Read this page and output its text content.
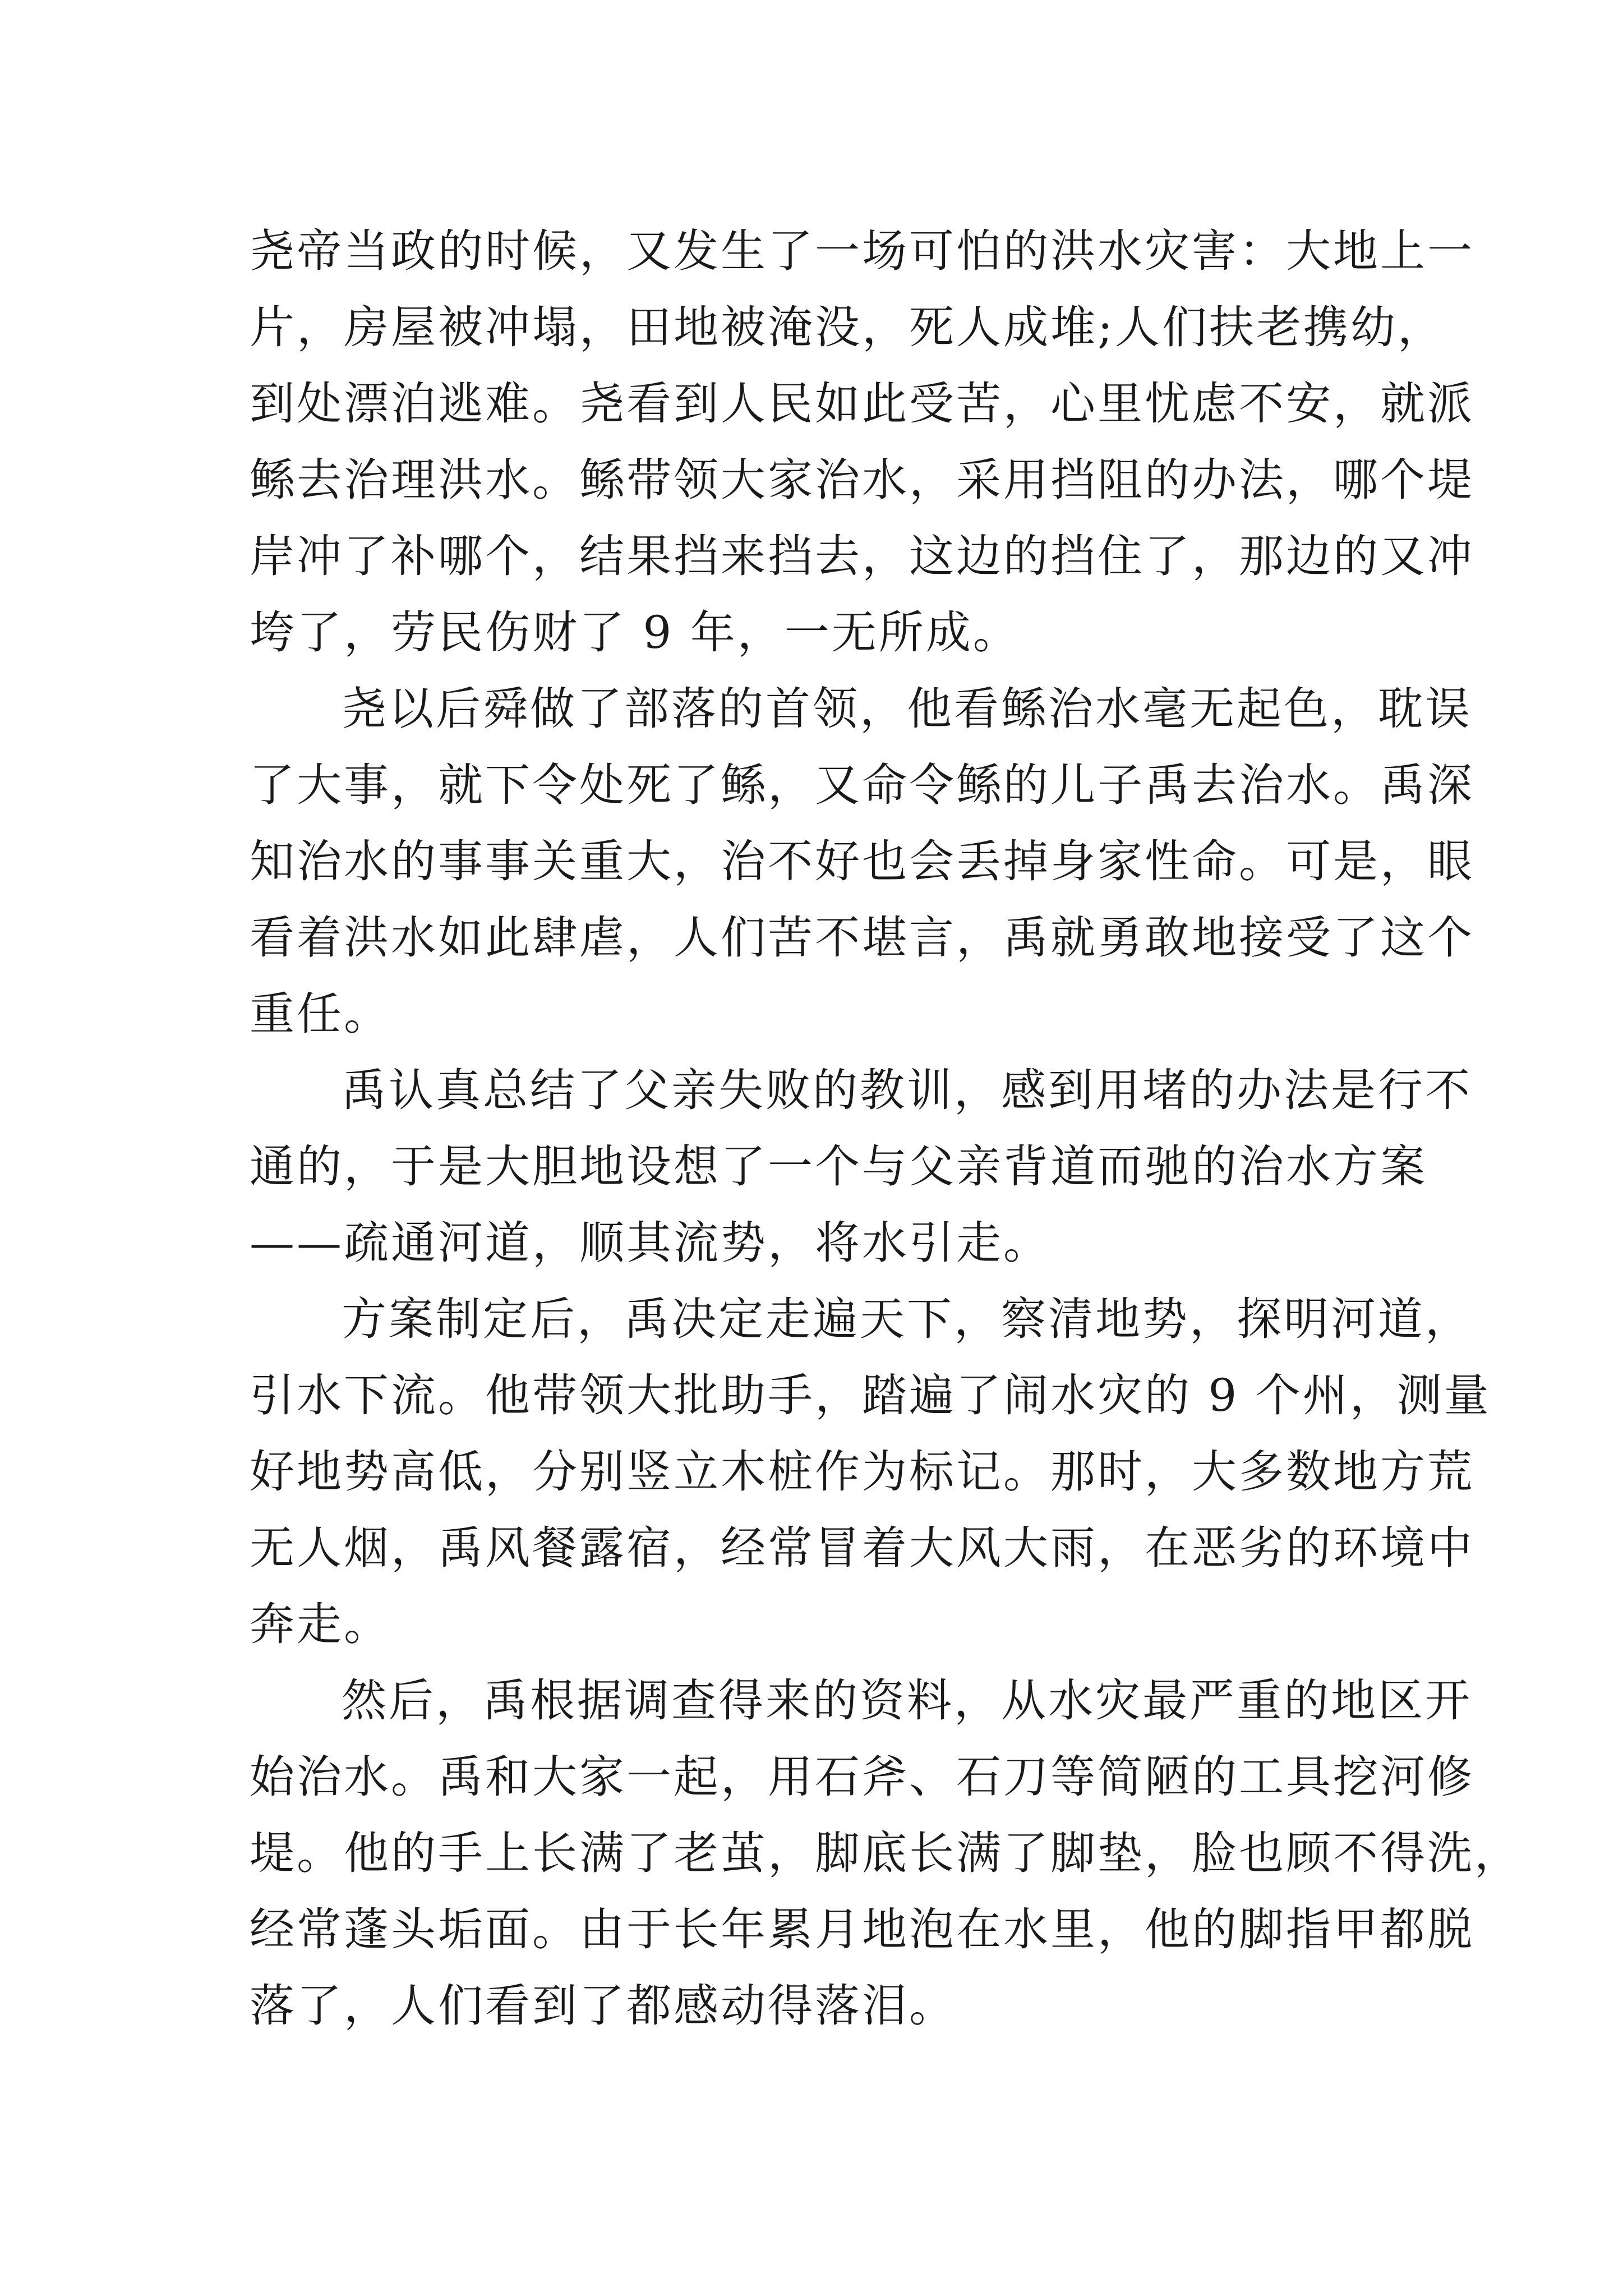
尧帝当政的时候，又发生了一场可怕的洪水灾害：大地上一
片，房屋被冲塌，田地被淹没，死人成堆;人们扶老携幼，
到处漂泊逃难。尧看到人民如此受苦，心里忧虑不安，就派
鲧去治理洪水。鲧带领大家治水，采用挡阻的办法，哪个堤
岸冲了补哪个，结果挡来挡去，这边的挡住了，那边的又冲
垮了，劳民伤财了 9 年，一无所成。
尧以后舜做了部落的首领，他看鲧治水毫无起色，耽误
了大事，就下令处死了鲧，又命令鲧的儿子禹去治水。禹深
知治水的事事关重大，治不好也会丢掉身家性命。可是，眼
看着洪水如此肆虐，人们苦不堪言，禹就勇敢地接受了这个
重任。
禹认真总结了父亲失败的教训，感到用堵的办法是行不
通的，于是大胆地设想了一个与父亲背道而驰的治水方案
——疏通河道，顺其流势，将水引走。
方案制定后，禹决定走遍天下，察清地势，探明河道，
引水下流。他带领大批助手，踏遍了闹水灾的 9 个州，测量
好地势高低，分别竖立木桩作为标记。那时，大多数地方荒
无人烟，禹风餐露宿，经常冒着大风大雨，在恶劣的环境中
奔走。
然后，禹根据调查得来的资料，从水灾最严重的地区开
始治水。禹和大家一起，用石斧、石刀等简陋的工具挖河修
堤。他的手上长满了老茧，脚底长满了脚垫，脸也顾不得洗，
经常蓬头垢面。由于长年累月地泡在水里，他的脚指甲都脱
落了，人们看到了都感动得落泪。
